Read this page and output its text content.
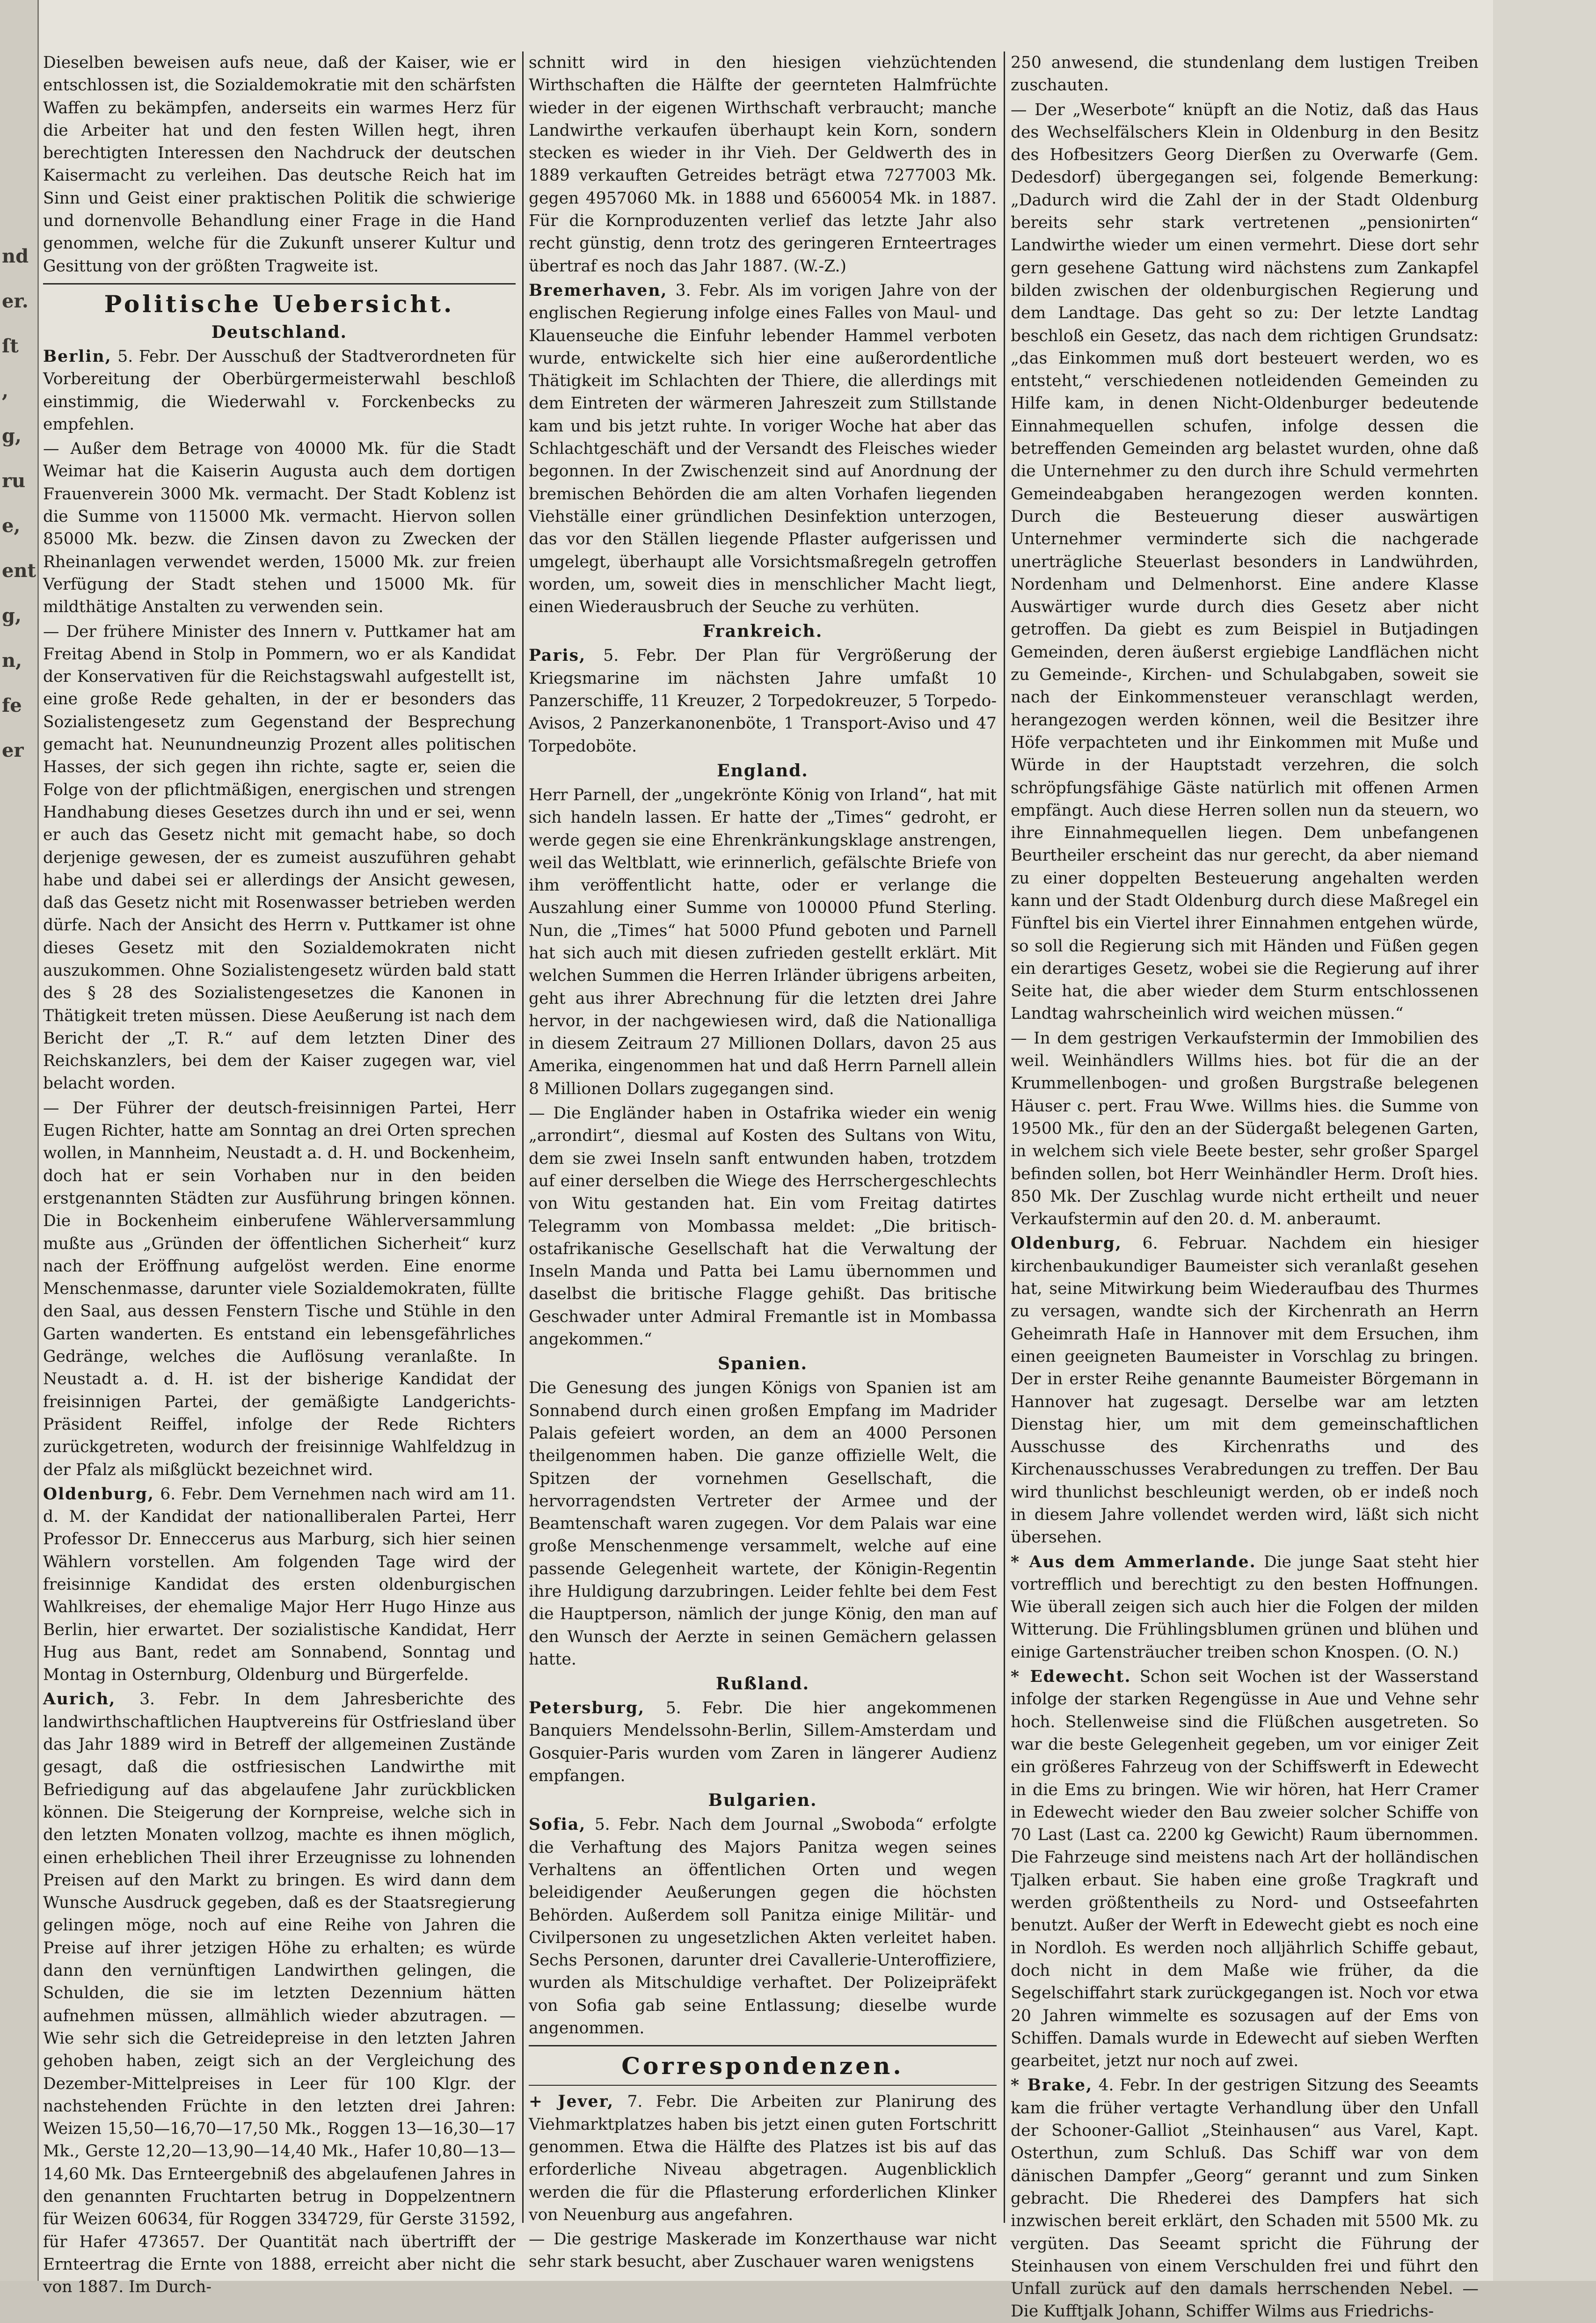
nd
er.
ſt
,
g,
ru
e,
ent
g,
n,
fe
er

Dieselben beweisen aufs neue, daß der Kaiser, wie er entschlossen ist, die Sozialdemokratie mit den schärfsten Waffen zu bekämpfen, anderseits ein warmes Herz für die Arbeiter hat und den festen Willen hegt, ihren berechtigten Interessen den Nachdruck der deutschen Kaisermacht zu verleihen. Das deutsche Reich hat im Sinn und Geist einer praktischen Politik die schwierige und dornenvolle Behandlung einer Frage in die Hand genommen, welche für die Zukunft unserer Kultur und Gesittung von der größten Tragweite ist.

Politische Uebersicht.
Deutschland.

Berlin, 5. Febr. Der Ausschuß der Stadtverordneten für Vorbereitung der Oberbürgermeisterwahl beschloß einstimmig, die Wiederwahl v. Forckenbecks zu empfehlen.

— Außer dem Betrage von 40000 Mk. für die Stadt Weimar hat die Kaiserin Augusta auch dem dortigen Frauenverein 3000 Mk. vermacht. Der Stadt Koblenz ist die Summe von 115000 Mk. vermacht. Hiervon sollen 85000 Mk. bezw. die Zinsen davon zu Zwecken der Rheinanlagen verwendet werden, 15000 Mk. zur freien Verfügung der Stadt stehen und 15000 Mk. für mildthätige Anstalten zu verwenden sein.

— Der frühere Minister des Innern v. Puttkamer hat am Freitag Abend in Stolp in Pommern, wo er als Kandidat der Konservativen für die Reichstagswahl aufgestellt ist, eine große Rede gehalten, in der er besonders das Sozialistengesetz zum Gegenstand der Besprechung gemacht hat. Neunundneunzig Prozent alles politischen Hasses, der sich gegen ihn richte, sagte er, seien die Folge von der pflichtmäßigen, energischen und strengen Handhabung dieses Gesetzes durch ihn und er sei, wenn er auch das Gesetz nicht mit gemacht habe, so doch derjenige gewesen, der es zumeist auszuführen gehabt habe und dabei sei er allerdings der Ansicht gewesen, daß das Gesetz nicht mit Rosenwasser betrieben werden dürfe. Nach der Ansicht des Herrn v. Puttkamer ist ohne dieses Gesetz mit den Sozialdemokraten nicht auszukommen. Ohne Sozialistengesetz würden bald statt des § 28 des Sozialistengesetzes die Kanonen in Thätigkeit treten müssen. Diese Aeußerung ist nach dem Bericht der „T. R.“ auf dem letzten Diner des Reichskanzlers, bei dem der Kaiser zugegen war, viel belacht worden.

— Der Führer der deutsch-freisinnigen Partei, Herr Eugen Richter, hatte am Sonntag an drei Orten sprechen wollen, in Mannheim, Neustadt a. d. H. und Bockenheim, doch hat er sein Vorhaben nur in den beiden erstgenannten Städten zur Ausführung bringen können. Die in Bockenheim einberufene Wählerversammlung mußte aus „Gründen der öffentlichen Sicherheit“ kurz nach der Eröffnung aufgelöst werden. Eine enorme Menschenmasse, darunter viele Sozialdemokraten, füllte den Saal, aus dessen Fenstern Tische und Stühle in den Garten wanderten. Es entstand ein lebensgefährliches Gedränge, welches die Auflösung veranlaßte. In Neustadt a. d. H. ist der bisherige Kandidat der freisinnigen Partei, der gemäßigte Landgerichts-Präsident Reiffel, infolge der Rede Richters zurückgetreten, wodurch der freisinnige Wahlfeldzug in der Pfalz als mißglückt bezeichnet wird.

Oldenburg, 6. Febr. Dem Vernehmen nach wird am 11. d. M. der Kandidat der nationalliberalen Partei, Herr Professor Dr. Enneccerus aus Marburg, sich hier seinen Wählern vorstellen. Am folgenden Tage wird der freisinnige Kandidat des ersten oldenburgischen Wahlkreises, der ehemalige Major Herr Hugo Hinze aus Berlin, hier erwartet. Der sozialistische Kandidat, Herr Hug aus Bant, redet am Sonnabend, Sonntag und Montag in Osternburg, Oldenburg und Bürgerfelde.

Aurich, 3. Febr. In dem Jahresberichte des landwirthschaftlichen Hauptvereins für Ostfriesland über das Jahr 1889 wird in Betreff der allgemeinen Zustände gesagt, daß die ostfriesischen Landwirthe mit Befriedigung auf das abgelaufene Jahr zurückblicken können. Die Steigerung der Kornpreise, welche sich in den letzten Monaten vollzog, machte es ihnen möglich, einen erheblichen Theil ihrer Erzeugnisse zu lohnenden Preisen auf den Markt zu bringen. Es wird dann dem Wunsche Ausdruck gegeben, daß es der Staatsregierung gelingen möge, noch auf eine Reihe von Jahren die Preise auf ihrer jetzigen Höhe zu erhalten; es würde dann den vernünftigen Landwirthen gelingen, die Schulden, die sie im letzten Dezennium hätten aufnehmen müssen, allmählich wieder abzutragen. — Wie sehr sich die Getreidepreise in den letzten Jahren gehoben haben, zeigt sich an der Vergleichung des Dezember-Mittelpreises in Leer für 100 Klgr. der nachstehenden Früchte in den letzten drei Jahren: Weizen 15,50—16,70—17,50 Mk., Roggen 13—16,30—17 Mk., Gerste 12,20—13,90—14,40 Mk., Hafer 10,80—13—14,60 Mk. Das Ernteergebniß des abgelaufenen Jahres in den genannten Fruchtarten betrug in Doppelzentnern für Weizen 60634, für Roggen 334729, für Gerste 31592, für Hafer 473657. Der Quantität nach übertrifft der Ernteertrag die Ernte von 1888, erreicht aber nicht die von 1887. Im Durch-

schnitt wird in den hiesigen viehzüchtenden Wirthschaften die Hälfte der geernteten Halmfrüchte wieder in der eigenen Wirthschaft verbraucht; manche Landwirthe verkaufen überhaupt kein Korn, sondern stecken es wieder in ihr Vieh. Der Geldwerth des in 1889 verkauften Getreides beträgt etwa 7277003 Mk. gegen 4957060 Mk. in 1888 und 6560054 Mk. in 1887. Für die Kornproduzenten verlief das letzte Jahr also recht günstig, denn trotz des geringeren Ernteertrages übertraf es noch das Jahr 1887. (W.-Z.)

Bremerhaven, 3. Febr. Als im vorigen Jahre von der englischen Regierung infolge eines Falles von Maul- und Klauenseuche die Einfuhr lebender Hammel verboten wurde, entwickelte sich hier eine außerordentliche Thätigkeit im Schlachten der Thiere, die allerdings mit dem Eintreten der wärmeren Jahreszeit zum Stillstande kam und bis jetzt ruhte. In voriger Woche hat aber das Schlachtgeschäft und der Versandt des Fleisches wieder begonnen. In der Zwischenzeit sind auf Anordnung der bremischen Behörden die am alten Vorhafen liegenden Viehställe einer gründlichen Desinfektion unterzogen, das vor den Ställen liegende Pflaster aufgerissen und umgelegt, überhaupt alle Vorsichtsmaßregeln getroffen worden, um, soweit dies in menschlicher Macht liegt, einen Wiederausbruch der Seuche zu verhüten.

Frankreich.

Paris, 5. Febr. Der Plan für Vergrößerung der Kriegsmarine im nächsten Jahre umfaßt 10 Panzerschiffe, 11 Kreuzer, 2 Torpedokreuzer, 5 Torpedo-Avisos, 2 Panzerkanonenböte, 1 Transport-Aviso und 47 Torpedoböte.

England.

Herr Parnell, der „ungekrönte König von Irland“, hat mit sich handeln lassen. Er hatte der „Times“ gedroht, er werde gegen sie eine Ehrenkränkungsklage anstrengen, weil das Weltblatt, wie erinnerlich, gefälschte Briefe von ihm veröffentlicht hatte, oder er verlange die Auszahlung einer Summe von 100000 Pfund Sterling. Nun, die „Times“ hat 5000 Pfund geboten und Parnell hat sich auch mit diesen zufrieden gestellt erklärt. Mit welchen Summen die Herren Irländer übrigens arbeiten, geht aus ihrer Abrechnung für die letzten drei Jahre hervor, in der nachgewiesen wird, daß die Nationalliga in diesem Zeitraum 27 Millionen Dollars, davon 25 aus Amerika, eingenommen hat und daß Herrn Parnell allein 8 Millionen Dollars zugegangen sind.

— Die Engländer haben in Ostafrika wieder ein wenig „arrondirt“, diesmal auf Kosten des Sultans von Witu, dem sie zwei Inseln sanft entwunden haben, trotzdem auf einer derselben die Wiege des Herrschergeschlechts von Witu gestanden hat. Ein vom Freitag datirtes Telegramm von Mombassa meldet: „Die britisch-ostafrikanische Gesellschaft hat die Verwaltung der Inseln Manda und Patta bei Lamu übernommen und daselbst die britische Flagge gehißt. Das britische Geschwader unter Admiral Fremantle ist in Mombassa angekommen.“

Spanien.

Die Genesung des jungen Königs von Spanien ist am Sonnabend durch einen großen Empfang im Madrider Palais gefeiert worden, an dem an 4000 Personen theilgenommen haben. Die ganze offizielle Welt, die Spitzen der vornehmen Gesellschaft, die hervorragendsten Vertreter der Armee und der Beamtenschaft waren zugegen. Vor dem Palais war eine große Menschenmenge versammelt, welche auf eine passende Gelegenheit wartete, der Königin-Regentin ihre Huldigung darzubringen. Leider fehlte bei dem Fest die Hauptperson, nämlich der junge König, den man auf den Wunsch der Aerzte in seinen Gemächern gelassen hatte.

Rußland.

Petersburg, 5. Febr. Die hier angekommenen Banquiers Mendelssohn-Berlin, Sillem-Amsterdam und Gosquier-Paris wurden vom Zaren in längerer Audienz empfangen.

Bulgarien.

Sofia, 5. Febr. Nach dem Journal „Swoboda“ erfolgte die Verhaftung des Majors Panitza wegen seines Verhaltens an öffentlichen Orten und wegen beleidigender Aeußerungen gegen die höchsten Behörden. Außerdem soll Panitza einige Militär- und Civilpersonen zu ungesetzlichen Akten verleitet haben. Sechs Personen, darunter drei Cavallerie-Unteroffiziere, wurden als Mitschuldige verhaftet. Der Polizeipräfekt von Sofia gab seine Entlassung; dieselbe wurde angenommen.

Correspondenzen.

+ Jever, 7. Febr. Die Arbeiten zur Planirung des Viehmarktplatzes haben bis jetzt einen guten Fortschritt genommen. Etwa die Hälfte des Platzes ist bis auf das erforderliche Niveau abgetragen. Augenblicklich werden die für die Pflasterung erforderlichen Klinker von Neuenburg aus angefahren.

— Die gestrige Maskerade im Konzerthause war nicht sehr stark besucht, aber Zuschauer waren wenigstens

250 anwesend, die stundenlang dem lustigen Treiben zuschauten.

— Der „Weserbote“ knüpft an die Notiz, daß das Haus des Wechselfälschers Klein in Oldenburg in den Besitz des Hofbesitzers Georg Dierßen zu Overwarfe (Gem. Dedesdorf) übergegangen sei, folgende Bemerkung: „Dadurch wird die Zahl der in der Stadt Oldenburg bereits sehr stark vertretenen „pensionirten“ Landwirthe wieder um einen vermehrt. Diese dort sehr gern gesehene Gattung wird nächstens zum Zankapfel bilden zwischen der oldenburgischen Regierung und dem Landtage. Das geht so zu: Der letzte Landtag beschloß ein Gesetz, das nach dem richtigen Grundsatz: „das Einkommen muß dort besteuert werden, wo es entsteht,“ verschiedenen notleidenden Gemeinden zu Hilfe kam, in denen Nicht-Oldenburger bedeutende Einnahmequellen schufen, infolge dessen die betreffenden Gemeinden arg belastet wurden, ohne daß die Unternehmer zu den durch ihre Schuld vermehrten Gemeindeabgaben herangezogen werden konnten. Durch die Besteuerung dieser auswärtigen Unternehmer verminderte sich die nachgerade unerträgliche Steuerlast besonders in Landwührden, Nordenham und Delmenhorst. Eine andere Klasse Auswärtiger wurde durch dies Gesetz aber nicht getroffen. Da giebt es zum Beispiel in Butjadingen Gemeinden, deren äußerst ergiebige Landflächen nicht zu Gemeinde-, Kirchen- und Schulabgaben, soweit sie nach der Einkommensteuer veranschlagt werden, herangezogen werden können, weil die Besitzer ihre Höfe verpachteten und ihr Einkommen mit Muße und Würde in der Hauptstadt verzehren, die solch schröpfungsfähige Gäste natürlich mit offenen Armen empfängt. Auch diese Herren sollen nun da steuern, wo ihre Einnahmequellen liegen. Dem unbefangenen Beurtheiler erscheint das nur gerecht, da aber niemand zu einer doppelten Besteuerung angehalten werden kann und der Stadt Oldenburg durch diese Maßregel ein Fünftel bis ein Viertel ihrer Einnahmen entgehen würde, so soll die Regierung sich mit Händen und Füßen gegen ein derartiges Gesetz, wobei sie die Regierung auf ihrer Seite hat, die aber wieder dem Sturm entschlossenen Landtag wahrscheinlich wird weichen müssen.“

— In dem gestrigen Verkaufstermin der Immobilien des weil. Weinhändlers Willms hies. bot für die an der Krummellenbogen- und großen Burgstraße belegenen Häuser c. pert. Frau Wwe. Willms hies. die Summe von 19500 Mk., für den an der Südergaßt belegenen Garten, in welchem sich viele Beete bester, sehr großer Spargel befinden sollen, bot Herr Weinhändler Herm. Droſt hies. 850 Mk. Der Zuschlag wurde nicht ertheilt und neuer Verkaufstermin auf den 20. d. M. anberaumt.

Oldenburg, 6. Februar. Nachdem ein hiesiger kirchenbaukundiger Baumeister sich veranlaßt gesehen hat, seine Mitwirkung beim Wiederaufbau des Thurmes zu versagen, wandte sich der Kirchenrath an Herrn Geheimrath Haſe in Hannover mit dem Ersuchen, ihm einen geeigneten Baumeister in Vorschlag zu bringen. Der in erster Reihe genannte Baumeister Börgemann in Hannover hat zugesagt. Derselbe war am letzten Dienstag hier, um mit dem gemeinschaftlichen Ausschusse des Kirchenraths und des Kirchenausschusses Verabredungen zu treffen. Der Bau wird thunlichst beschleunigt werden, ob er indeß noch in diesem Jahre vollendet werden wird, läßt sich nicht übersehen.

* Aus dem Ammerlande. Die junge Saat steht hier vortrefflich und berechtigt zu den besten Hoffnungen. Wie überall zeigen sich auch hier die Folgen der milden Witterung. Die Frühlingsblumen grünen und blühen und einige Gartensträucher treiben schon Knospen. (O. N.)

* Edewecht. Schon seit Wochen ist der Wasserstand infolge der starken Regengüsse in Aue und Vehne sehr hoch. Stellenweise sind die Flüßchen ausgetreten. So war die beste Gelegenheit gegeben, um vor einiger Zeit ein größeres Fahrzeug von der Schiffswerft in Edewecht in die Ems zu bringen. Wie wir hören, hat Herr Cramer in Edewecht wieder den Bau zweier solcher Schiffe von 70 Last (Last ca. 2200 kg Gewicht) Raum übernommen. Die Fahrzeuge sind meistens nach Art der holländischen Tjalken erbaut. Sie haben eine große Tragkraft und werden größtentheils zu Nord- und Ostseefahrten benutzt. Außer der Werft in Edewecht giebt es noch eine in Nordloh. Es werden noch alljährlich Schiffe gebaut, doch nicht in dem Maße wie früher, da die Segelschiffahrt stark zurückgegangen ist. Noch vor etwa 20 Jahren wimmelte es sozusagen auf der Ems von Schiffen. Damals wurde in Edewecht auf sieben Werften gearbeitet, jetzt nur noch auf zwei.

* Brake, 4. Febr. In der gestrigen Sitzung des Seeamts kam die früher vertagte Verhandlung über den Unfall der Schooner-Galliot „Steinhausen“ aus Varel, Kapt. Osterthun, zum Schluß. Das Schiff war von dem dänischen Dampfer „Georg“ gerannt und zum Sinken gebracht. Die Rhederei des Dampfers hat sich inzwischen bereit erklärt, den Schaden mit 5500 Mk. zu vergüten. Das Seeamt spricht die Führung der Steinhausen von einem Verschulden frei und führt den Unfall zurück auf den damals herrschenden Nebel. — Die Kufftjalk Johann, Schiffer Wilms aus Friedrichs-
